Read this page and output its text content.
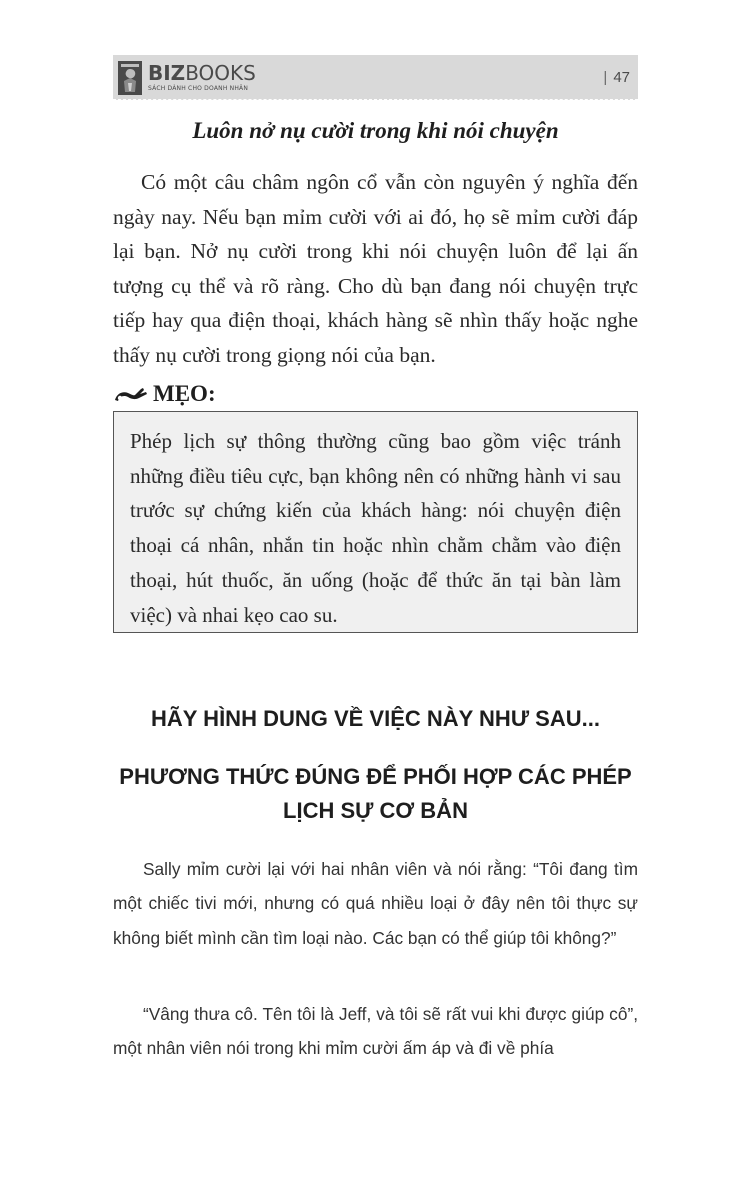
BIZBOOKS
SÁCH DÀNH CHO DOANH NHÂN
| 47
Luôn nở nụ cười trong khi nói chuyện

Có một câu châm ngôn cổ vẫn còn nguyên ý nghĩa đến ngày nay. Nếu bạn mỉm cười với ai đó, họ sẽ mỉm cười đáp lại bạn. Nở nụ cười trong khi nói chuyện luôn để lại ấn tượng cụ thể và rõ ràng. Cho dù bạn đang nói chuyện trực tiếp hay qua điện thoại, khách hàng sẽ nhìn thấy hoặc nghe thấy nụ cười trong giọng nói của bạn.

MẸO:

Phép lịch sự thông thường cũng bao gồm việc tránh những điều tiêu cực, bạn không nên có những hành vi sau trước sự chứng kiến của khách hàng: nói chuyện điện thoại cá nhân, nhắn tin hoặc nhìn chằm chằm vào điện thoại, hút thuốc, ăn uống (hoặc để thức ăn tại bàn làm việc) và nhai kẹo cao su.

HÃY HÌNH DUNG VỀ VIỆC NÀY NHƯ SAU...
PHƯƠNG THỨC ĐÚNG ĐỂ PHỐI HỢP CÁC PHÉP LỊCH SỰ CƠ BẢN

Sally mỉm cười lại với hai nhân viên và nói rằng: “Tôi đang tìm một chiếc tivi mới, nhưng có quá nhiều loại ở đây nên tôi thực sự không biết mình cần tìm loại nào. Các bạn có thể giúp tôi không?”

“Vâng thưa cô. Tên tôi là Jeff, và tôi sẽ rất vui khi được giúp cô”, một nhân viên nói trong khi mỉm cười ấm áp và đi về phía
